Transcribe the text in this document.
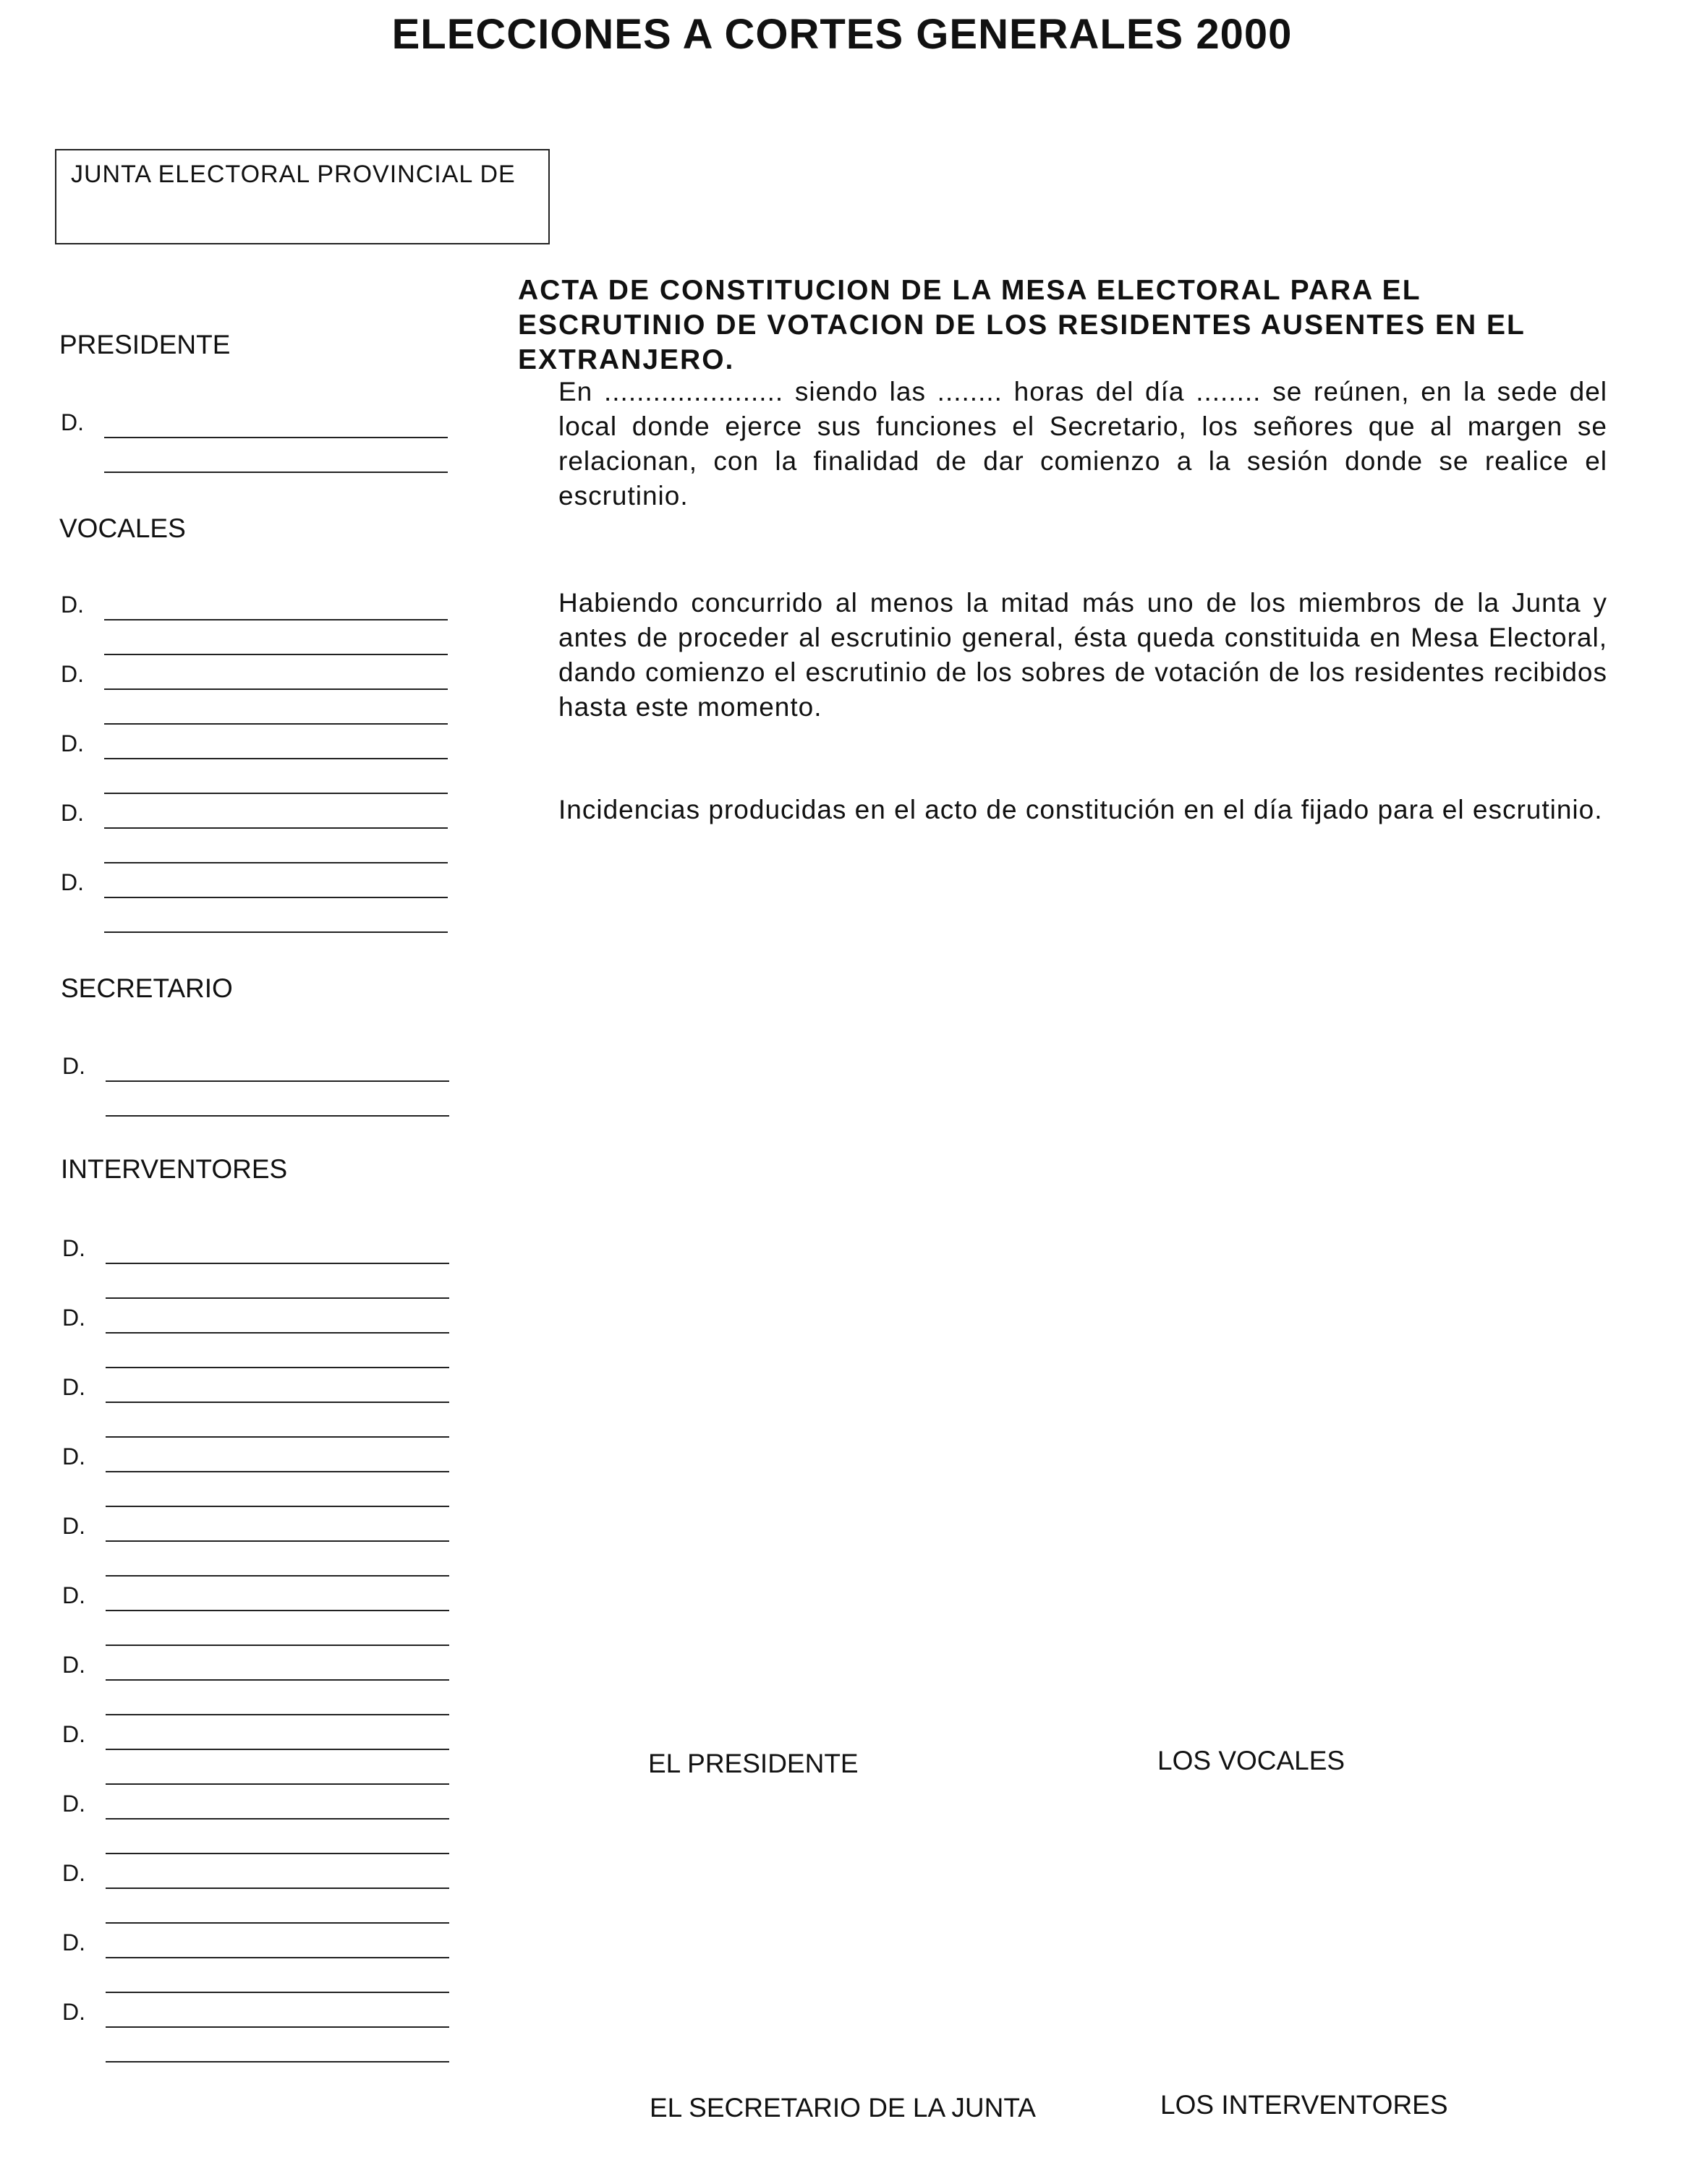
ELECCIONES A CORTES GENERALES 2000
JUNTA ELECTORAL PROVINCIAL DE
PRESIDENTE
D.
VOCALES
D.
D.
D.
D.
D.
SECRETARIO
D.
INTERVENTORES
D.
D.
D.
D.
D.
D.
D.
D.
D.
D.
D.
D.
ACTA DE CONSTITUCION DE LA MESA ELECTORAL PARA EL ESCRUTINIO DE VOTACION DE LOS RESIDENTES AUSENTES EN EL EXTRANJERO.
En ...................... siendo las ........ horas del día ........ se reúnen, en la sede del local donde ejerce sus funciones el Secretario, los señores que al margen se relacionan, con la finalidad de dar comienzo a la sesión donde se realice el escrutinio.
Habiendo concurrido al menos la mitad más uno de los miembros de la Junta y antes de proceder al escrutinio general, ésta queda constituida en Mesa Electoral, dando comienzo el escrutinio de los sobres de votación de los residentes recibidos hasta este momento.
Incidencias producidas en el acto de constitución en el día fijado para el escrutinio.
EL PRESIDENTE	LOS VOCALES
EL SECRETARIO DE LA JUNTA	LOS INTERVENTORES
